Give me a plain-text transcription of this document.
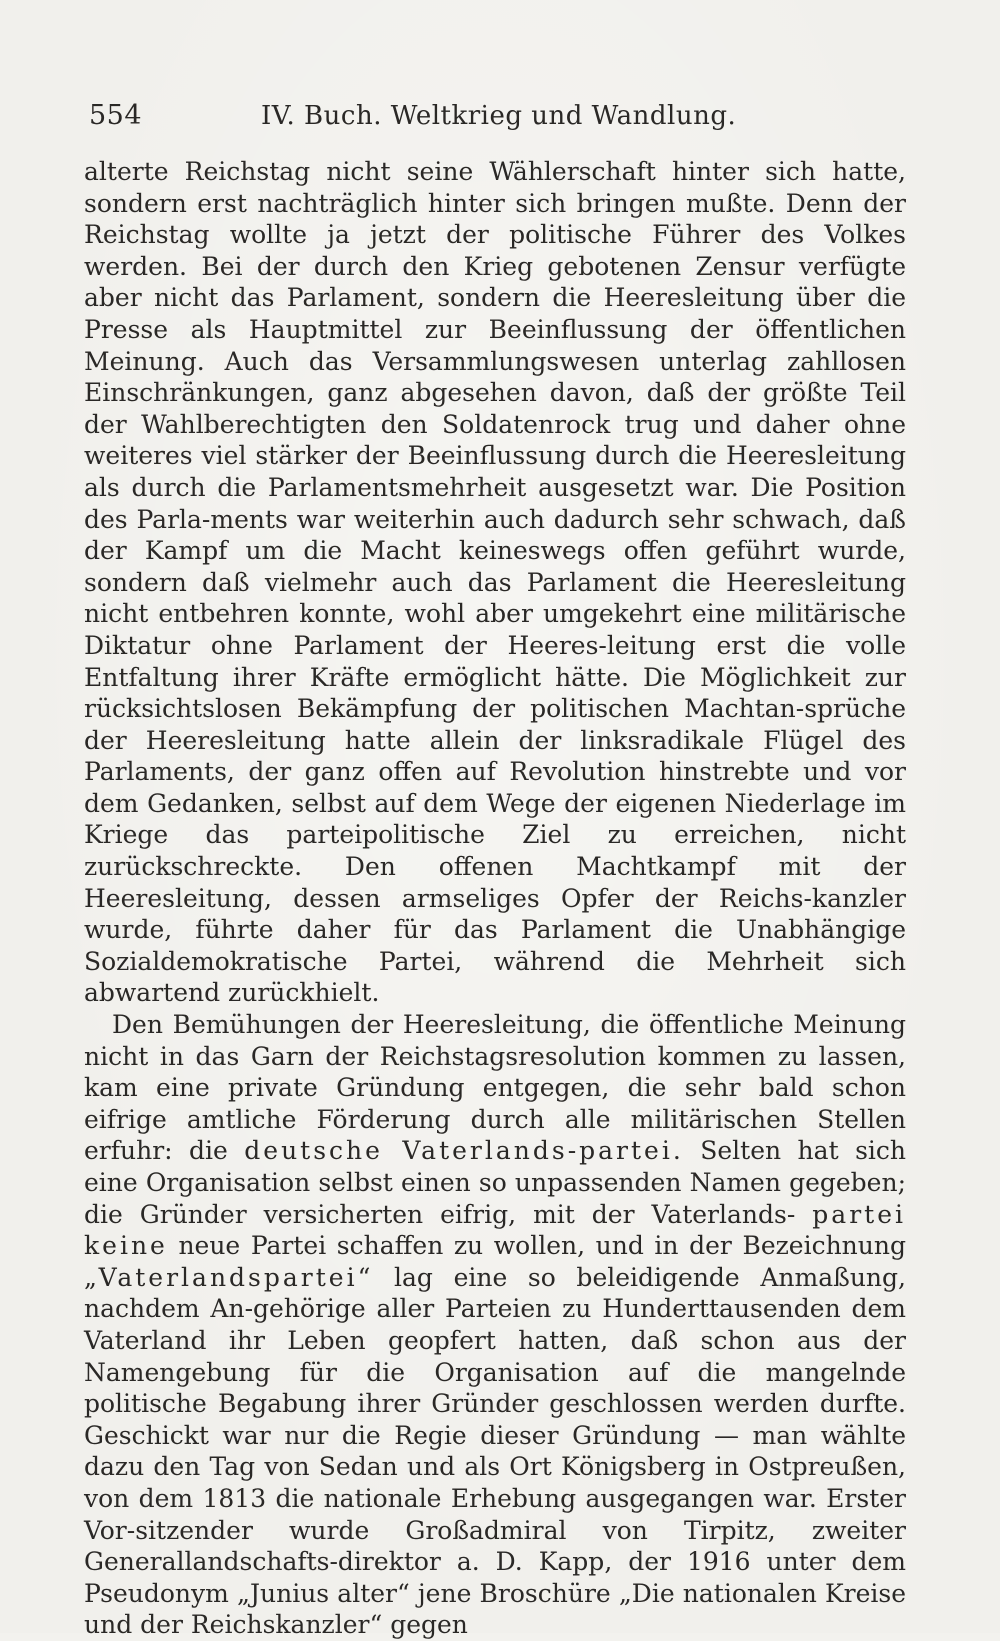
554	IV. Buch. Weltkrieg und Wandlung.

alterte Reichstag nicht seine Wählerschaft hinter sich hatte, sondern erst nachträglich hinter sich bringen mußte. Denn der Reichstag wollte ja jetzt der politische Führer des Volkes werden. Bei der durch den Krieg gebotenen Zensur verfügte aber nicht das Parlament, sondern die Heeresleitung über die Presse als Hauptmittel zur Beeinflussung der öffentlichen Meinung. Auch das Versammlungswesen unterlag zahllosen Einschränkungen, ganz abgesehen davon, daß der größte Teil der Wahlberechtigten den Soldatenrock trug und daher ohne weiteres viel stärker der Beeinflussung durch die Heeresleitung als durch die Parlamentsmehrheit ausgesetzt war. Die Position des Parla-ments war weiterhin auch dadurch sehr schwach, daß der Kampf um die Macht keineswegs offen geführt wurde, sondern daß vielmehr auch das Parlament die Heeresleitung nicht entbehren konnte, wohl aber umgekehrt eine militärische Diktatur ohne Parlament der Heeres-leitung erst die volle Entfaltung ihrer Kräfte ermöglicht hätte. Die Möglichkeit zur rücksichtslosen Bekämpfung der politischen Machtan-sprüche der Heeresleitung hatte allein der linksradikale Flügel des Parlaments, der ganz offen auf Revolution hinstrebte und vor dem Gedanken, selbst auf dem Wege der eigenen Niederlage im Kriege das parteipolitische Ziel zu erreichen, nicht zurückschreckte. Den offenen Machtkampf mit der Heeresleitung, dessen armseliges Opfer der Reichs-kanzler wurde, führte daher für das Parlament die Unabhängige Sozialdemokratische Partei, während die Mehrheit sich abwartend zurückhielt.

Den Bemühungen der Heeresleitung, die öffentliche Meinung nicht in das Garn der Reichstagsresolution kommen zu lassen, kam eine private Gründung entgegen, die sehr bald schon eifrige amtliche Förderung durch alle militärischen Stellen erfuhr: die deutsche Vaterlands-partei. Selten hat sich eine Organisation selbst einen so unpassenden Namen gegeben; die Gründer versicherten eifrig, mit der Vaterlands- partei keine neue Partei schaffen zu wollen, und in der Bezeichnung „Vaterlandspartei“ lag eine so beleidigende Anmaßung, nachdem An-gehörige aller Parteien zu Hunderttausenden dem Vaterland ihr Leben geopfert hatten, daß schon aus der Namengebung für die Organisation auf die mangelnde politische Begabung ihrer Gründer geschlossen werden durfte. Geschickt war nur die Regie dieser Gründung — man wählte dazu den Tag von Sedan und als Ort Königsberg in Ostpreußen, von dem 1813 die nationale Erhebung ausgegangen war. Erster Vor-sitzender wurde Großadmiral von Tirpitz, zweiter Generallandschafts-direktor a. D. Kapp, der 1916 unter dem Pseudonym „Junius alter“ jene Broschüre „Die nationalen Kreise und der Reichskanzler“ gegen
